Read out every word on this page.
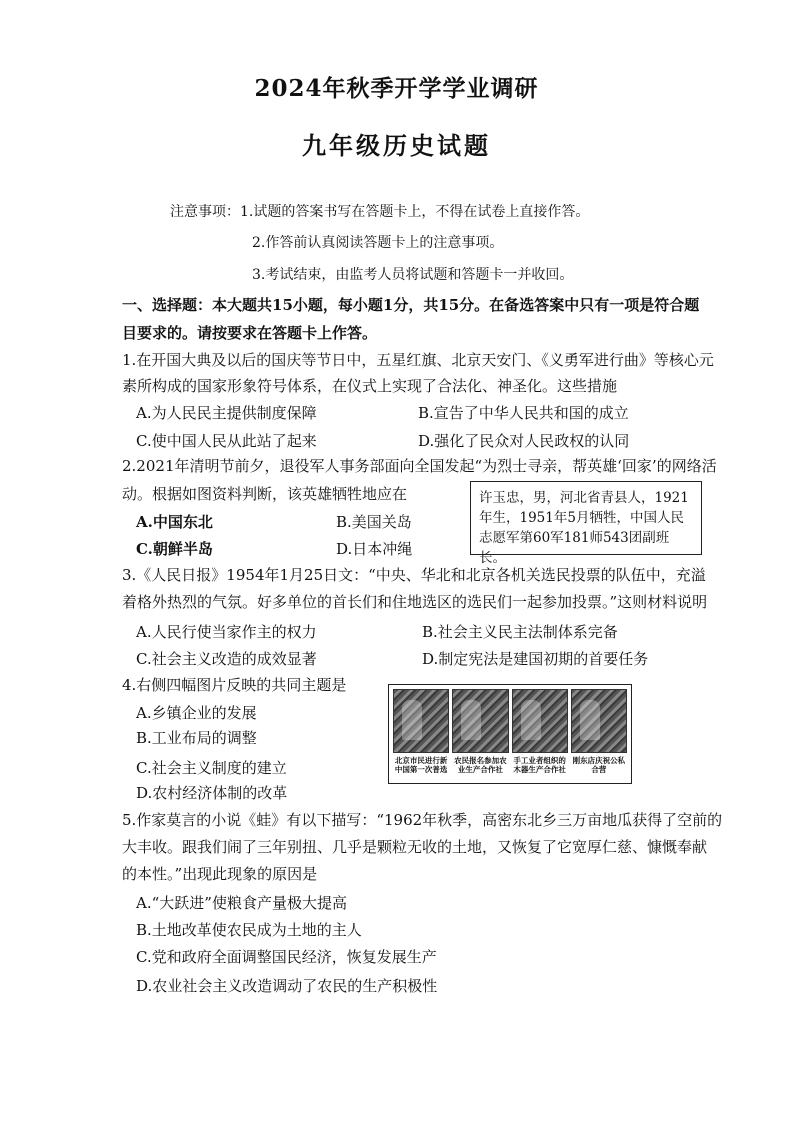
2024年秋季开学学业调研
九年级历史试题
注意事项：1.试题的答案书写在答题卡上，不得在试卷上直接作答。
2.作答前认真阅读答题卡上的注意事项。
3.考试结束，由监考人员将试题和答题卡一并收回。
一、选择题：本大题共15小题，每小题1分，共15分。在备选答案中只有一项是符合题
目要求的。请按要求在答题卡上作答。
1.在开国大典及以后的国庆等节日中，五星红旗、北京天安门、《义勇军进行曲》等核心元
素所构成的国家形象符号体系，在仪式上实现了合法化、神圣化。这些措施
A.为人民民主提供制度保障	B.宣告了中华人民共和国的成立
C.使中国人民从此站了起来	D.强化了民众对人民政权的认同
2.2021年清明节前夕，退役军人事务部面向全国发起“为烈士寻亲，帮英雄‘回家’的网络活
动。根据如图资料判断，该英雄牺牲地应在
A.中国东北	B.美国关岛
C.朝鲜半岛	D.日本冲绳
许玉忠，男，河北省青县人，1921年生，1951年5月牺牲，中国人民志愿军第60军181师543团副班长。
3.《人民日报》1954年1月25日文：“中央、华北和北京各机关选民投票的队伍中，充溢
着格外热烈的气氛。好多单位的首长们和住地选区的选民们一起参加投票。”这则材料说明
A.人民行使当家作主的权力	B.社会主义民主法制体系完备
C.社会主义改造的成效显著	D.制定宪法是建国初期的首要任务
4.右侧四幅图片反映的共同主题是
A.乡镇企业的发展
B.工业布局的调整
C.社会主义制度的建立
D.农村经济体制的改革
北京市民进行新中国第一次普选
农民报名参加农业生产合作社
手工业者组织的木器生产合作社
刚东店庆祝公私合营
5.作家莫言的小说《蛙》有以下描写：“1962年秋季，高密东北乡三万亩地瓜获得了空前的
大丰收。跟我们闹了三年别扭、几乎是颗粒无收的土地，又恢复了它宽厚仁慈、慷慨奉献
的本性。”出现此现象的原因是
A.“大跃进”使粮食产量极大提高
B.土地改革使农民成为土地的主人
C.党和政府全面调整国民经济，恢复发展生产
D.农业社会主义改造调动了农民的生产积极性
